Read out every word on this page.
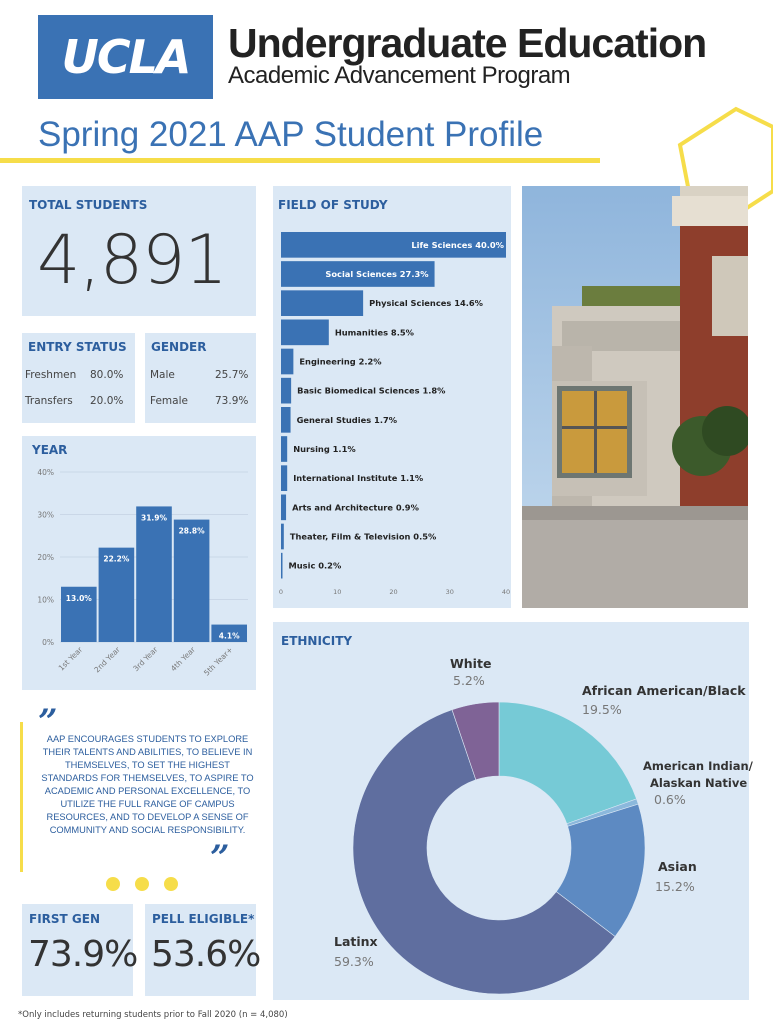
UCLA Undergraduate Education
Academic Advancement Program
Spring 2021 AAP Student Profile
TOTAL STUDENTS
4,891
ENTRY STATUS
Freshmen 80.0%
Transfers 20.0%
GENDER
Male	25.7%
Female	73.9%
YEAR
0%
10%
20%
30%
40%
13.0%
1st Year
22.2%
2nd Year
31.9%
3rd Year
28.8%
4th Year
4.1%
5th Year+
”
AAP ENCOURAGES STUDENTS TO EXPLORE THEIR TALENTS AND ABILITIES, TO BELIEVE IN THEMSELVES, TO SET THE HIGHEST STANDARDS FOR THEMSELVES, TO ASPIRE TO ACADEMIC AND PERSONAL EXCELLENCE, TO UTILIZE THE FULL RANGE OF CAMPUS RESOURCES, AND TO DEVELOP A SENSE OF COMMUNITY AND SOCIAL RESPONSIBILITY.
”
FIRST GEN
73.9%
PELL ELIGIBLE*
53.6%
*Only includes returning students prior to Fall 2020 (n = 4,080)
FIELD OF STUDY
Life Sciences 40.0%
Social Sciences 27.3%
Physical Sciences 14.6%
Humanities 8.5%
Engineering 2.2%
Basic Biomedical Sciences 1.8%
General Studies 1.7%
Nursing 1.1%
International Institute 1.1%
Arts and Architecture 0.9%
Theater, Film & Television 0.5%
Music 0.2%
0	10	20	30	40
ETHNICITY
White
5.2%
African American/Black
19.5%
American Indian/
Alaskan Native
0.6%
Asian
15.2%
Latinx
59.3%
